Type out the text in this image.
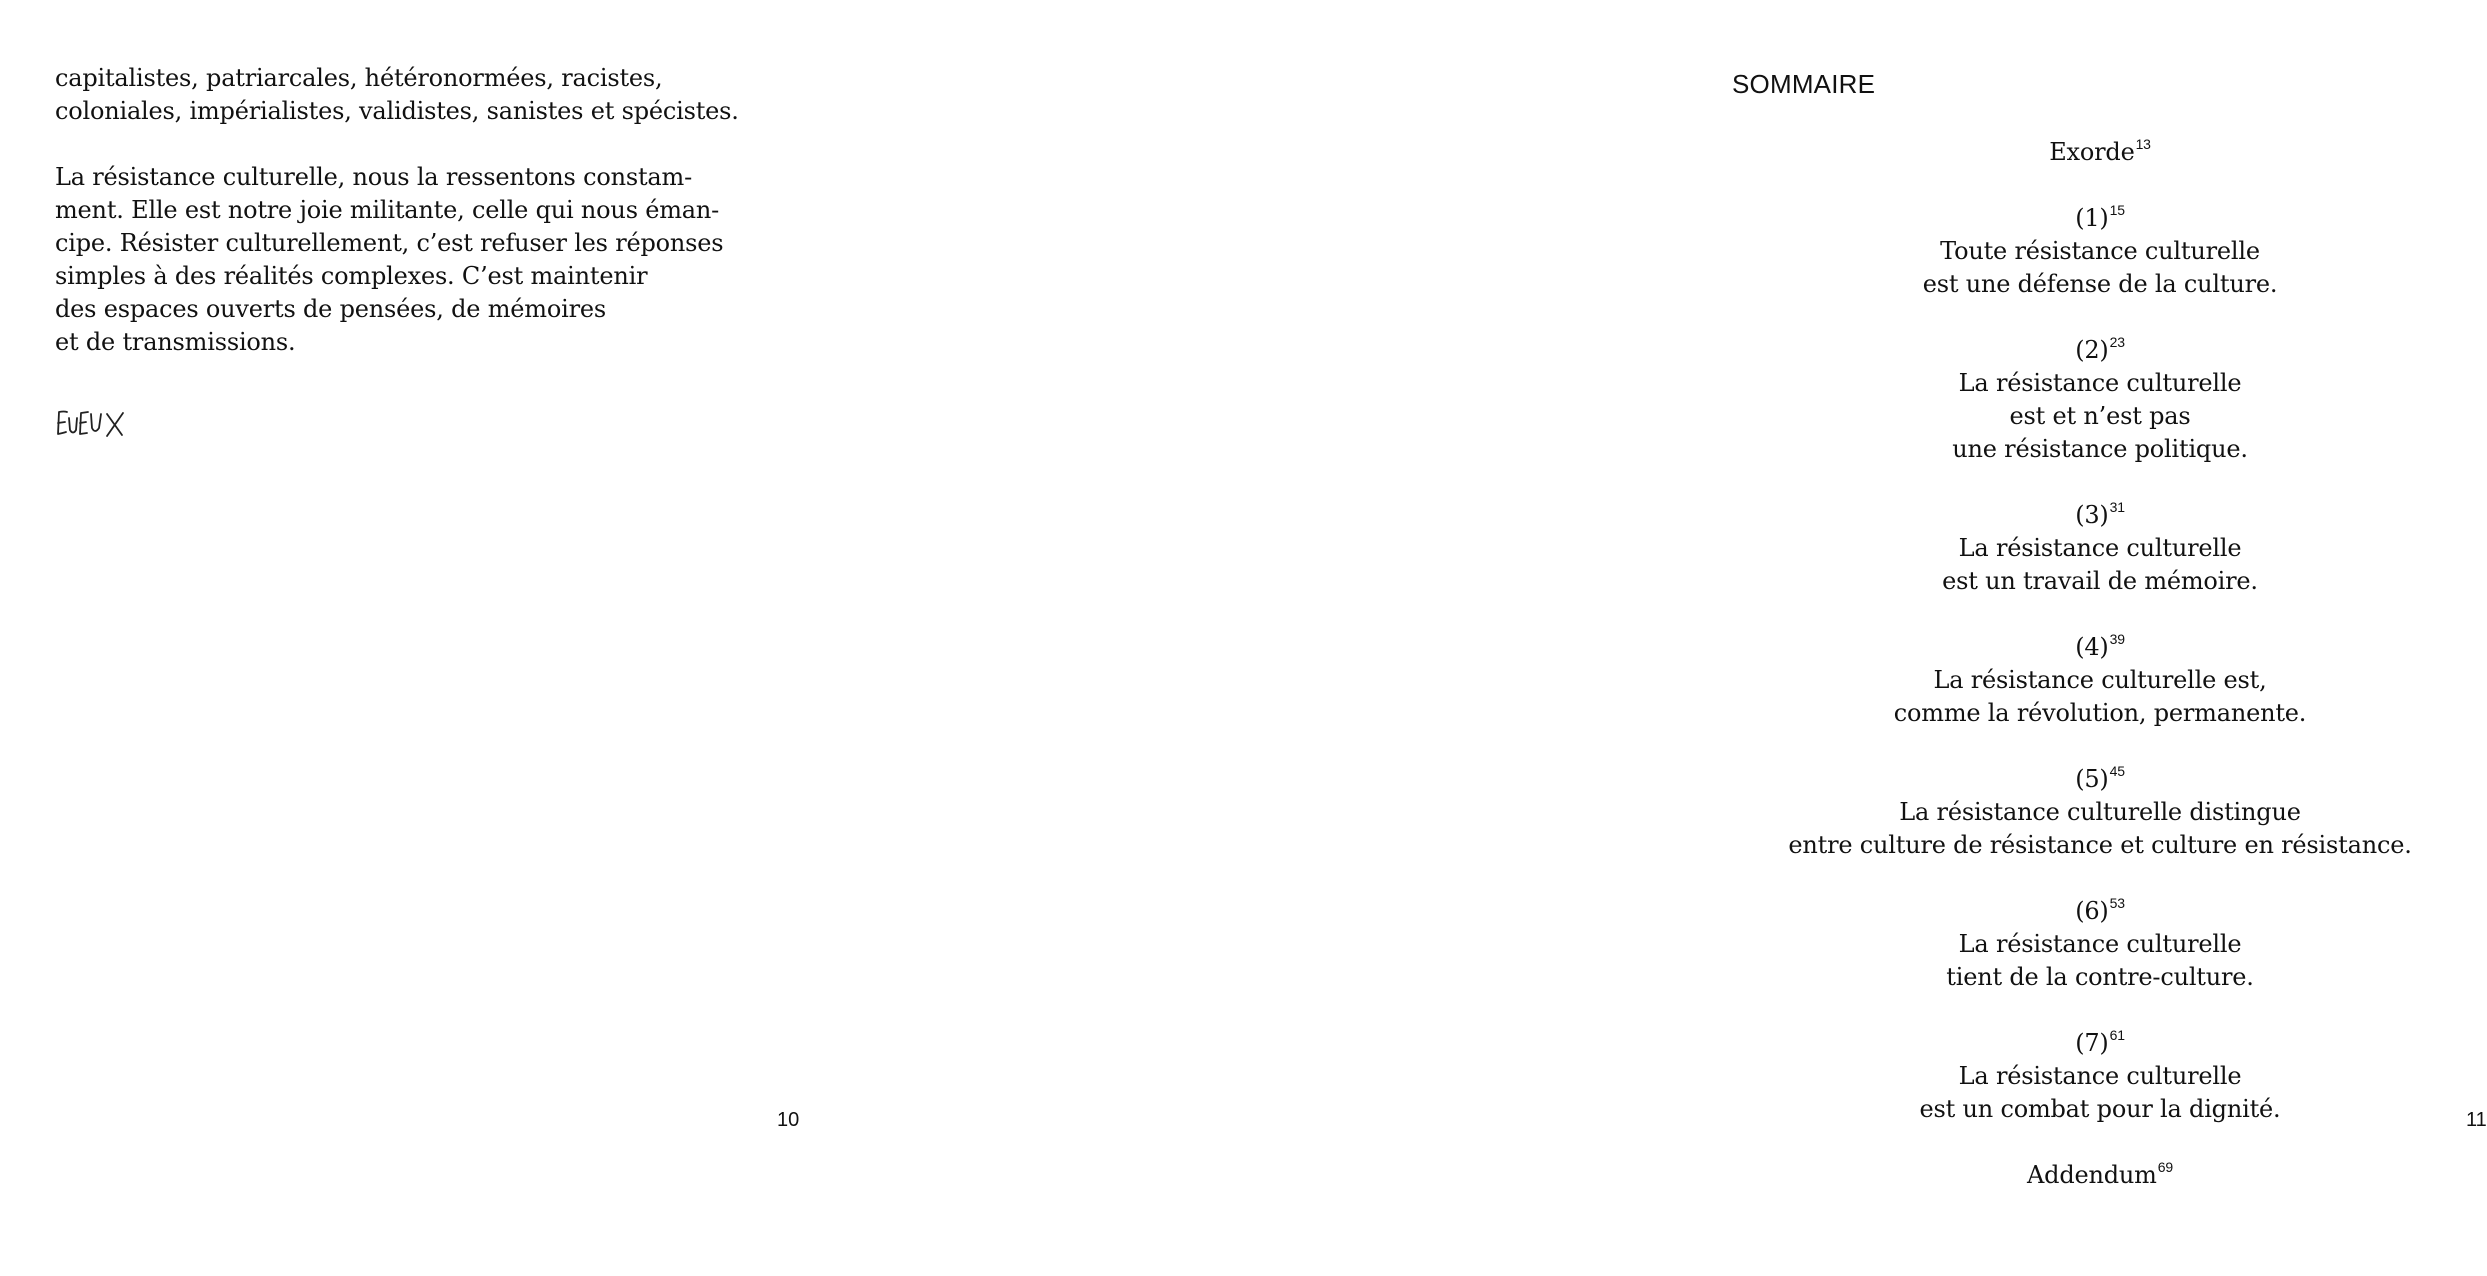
capitalistes, patriarcales, hétéronormées, racistes,
coloniales, impérialistes, validistes, sanistes et spécistes.

La résistance culturelle, nous la ressentons constam-
ment. Elle est notre joie militante, celle qui nous éman-
cipe. Résister culturellement, c’est refuser les réponses
simples à des réalités complexes. C’est maintenir
des espaces ouverts de pensées, de mémoires
et de transmissions.

10
SOMMAIRE
Exorde$^{13}$
$(1)^{15}$
Toute résistance culturelle
est une défense de la culture.
$(2)^{23}$
La résistance culturelle
est et n’est pas
une résistance politique.
$(3)^{31}$
La résistance culturelle
est un travail de mémoire.
$(4)^{39}$
La résistance culturelle est,
comme la révolution, permanente.
$(5)^{45}$
La résistance culturelle distingue
entre culture de résistance et culture en résistance.
$(6)^{53}$
La résistance culturelle
tient de la contre-culture.
$(7)^{61}$
La résistance culturelle
est un combat pour la dignité.
Addendum$^{69}$
11
